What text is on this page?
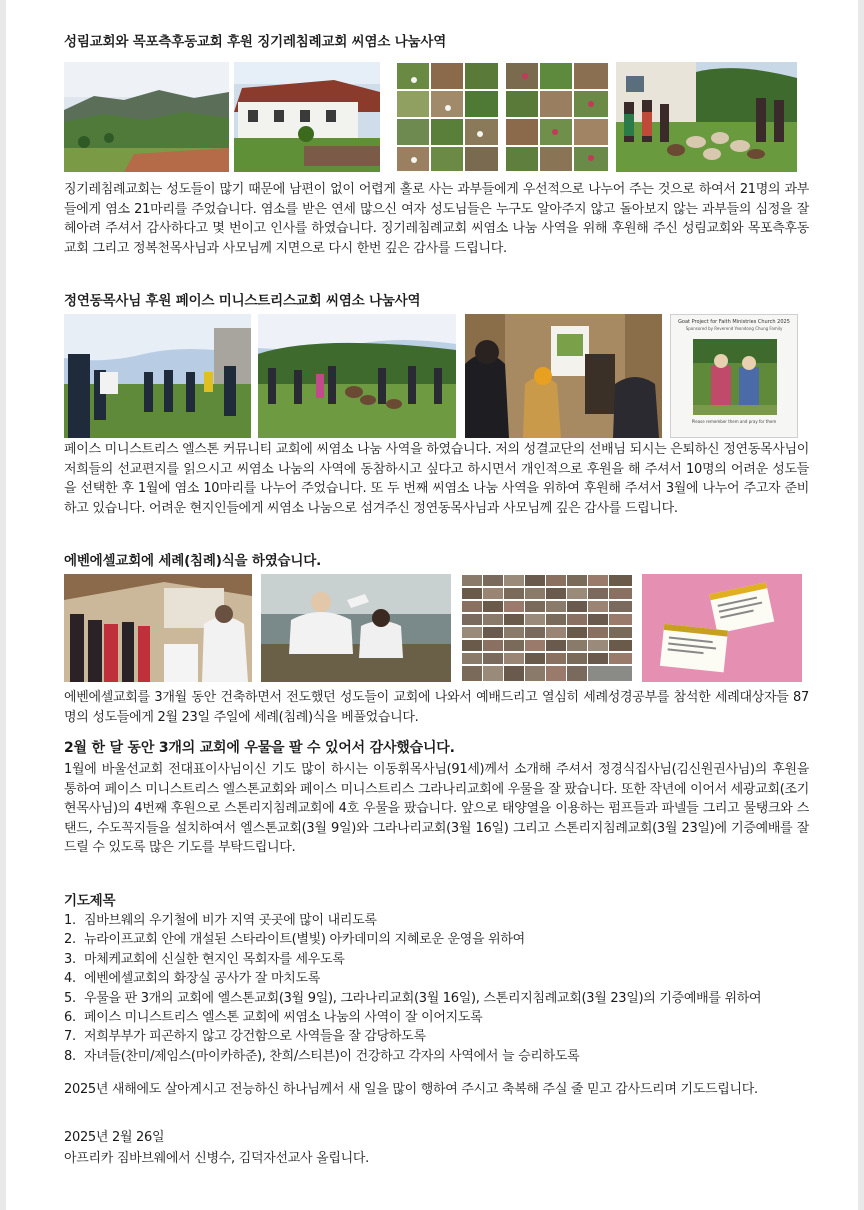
성림교회와 목포측후동교회 후원 징기레침례교회 씨염소 나눔사역

징기레침례교회는 성도들이 많기 때문에 남편이 없이 어렵게 홀로 사는 과부들에게 우선적으로 나누어 주는 것으로 하여서 21명의 과부들에게 염소 21마리를 주었습니다. 염소를 받은 연세 많으신 여자 성도님들은 누구도 알아주지 않고 돌아보지 않는 과부들의 심정을 잘 헤아려 주셔서 감사하다고 몇 번이고 인사를 하였습니다. 징기레침례교회 씨염소 나눔 사역을 위해 후원해 주신 성림교회와 목포측후동교회 그리고 정복천목사님과 사모님께 지면으로 다시 한번 깊은 감사를 드립니다.

정연동목사님 후원 페이스 미니스트리스교회 씨염소 나눔사역
Goat Project for Faith Ministries Church 2025
Sponsored by Reverend Yeondong Chung Family
Please remember them and pray for them

페이스 미니스트리스 엘스톤 커뮤니티 교회에 씨염소 나눔 사역을 하였습니다. 저의 성결교단의 선배님 되시는 은퇴하신 정연동목사님이 저희들의 선교편지를 읽으시고 씨염소 나눔의 사역에 동참하시고 싶다고 하시면서 개인적으로 후원을 해 주셔서 10명의 어려운 성도들을 선택한 후 1월에 염소 10마리를 나누어 주었습니다. 또 두 번째 씨염소 나눔 사역을 위하여 후원해 주셔서 3월에 나누어 주고자 준비하고 있습니다. 어려운 현지인들에게 씨염소 나눔으로 섬겨주신 정연동목사님과 사모님께 깊은 감사를 드립니다.

에벤에셀교회에 세례(침례)식을 하였습니다.

에벤에셀교회를 3개월 동안 건축하면서 전도했던 성도들이 교회에 나와서 예배드리고 열심히 세례성경공부를 참석한 세례대상자들 87명의 성도들에게 2월 23일 주일에 세례(침례)식을 베풀었습니다.

2월 한 달 동안 3개의 교회에 우물을 팔 수 있어서 감사했습니다.

1월에 바울선교회 전대표이사님이신 기도 많이 하시는 이동휘목사님(91세)께서 소개해 주셔서 정경식집사님(김신원권사님)의 후원을 통하여 페이스 미니스트리스 엘스톤교회와 페이스 미니스트리스 그라나리교회에 우물을 잘 팠습니다. 또한 작년에 이어서 세광교회(조기현목사님)의 4번째 후원으로 스톤리지침례교회에 4호 우물을 팠습니다. 앞으로 태양열을 이용하는 펌프들과 파넬들 그리고 물탱크와 스탠드, 수도꼭지들을 설치하여서 엘스톤교회(3월 9일)와 그라나리교회(3월 16일) 그리고 스톤리지침례교회(3월 23일)에 기증예배를 잘 드릴 수 있도록 많은 기도를 부탁드립니다.

기도제목
1. 짐바브웨의 우기철에 비가 지역 곳곳에 많이 내리도록
2. 뉴라이프교회 안에 개설된 스타라이트(별빛) 아카데미의 지혜로운 운영을 위하여
3. 마체케교회에 신실한 현지인 목회자를 세우도록
4. 에벤에셀교회의 화장실 공사가 잘 마치도록
5. 우물을 판 3개의 교회에 엘스톤교회(3월 9일), 그라나리교회(3월 16일), 스톤리지침례교회(3월 23일)의 기증예배를 위하여
6. 페이스 미니스트리스 엘스톤 교회에 씨염소 나눔의 사역이 잘 이어지도록
7. 저희부부가 피곤하지 않고 강건함으로 사역들을 잘 감당하도록
8. 자녀들(찬미/제임스(마이카하준), 찬희/스티븐)이 건강하고 각자의 사역에서 늘 승리하도록

2025년 새해에도 살아계시고 전능하신 하나님께서 새 일을 많이 행하여 주시고 축복해 주실 줄 믿고 감사드리며 기도드립니다.

2025년 2월 26일
아프리카 짐바브웨에서 신병수, 김덕자선교사 올립니다.
